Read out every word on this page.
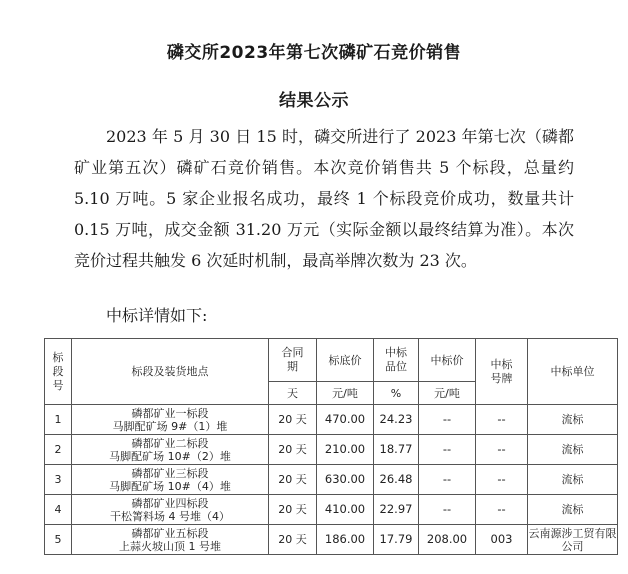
磷交所2023年第七次磷矿石竞价销售
结果公示
2023 年 5 月 30 日 15 时，磷交所进行了 2023 年第七次（磷都矿业第五次）磷矿石竞价销售。本次竞价销售共 5 个标段，总量约 5.10 万吨。5 家企业报名成功，最终 1 个标段竞价成功，数量共计 0.15 万吨，成交金额 31.20 万元（实际金额以最终结算为准）。本次竞价过程共触发 6 次延时机制，最高举牌次数为 23 次。
中标详情如下:
标段号	标段及装货地点	合同期	标底价	中标品位	中标价	中标号牌	中标单位
		天	元/吨	%	元/吨		
1	磷都矿业一标段
马脚配矿场 9#（1）堆	20 天	470.00	24.23	--	--	流标
2	磷都矿业二标段
马脚配矿场 10#（2）堆	20 天	210.00	18.77	--	--	流标
3	磷都矿业三标段
马脚配矿场 10#（4）堆	20 天	630.00	26.48	--	--	流标
4	磷都矿业四标段
干松箐料场 4 号堆（4）	20 天	410.00	22.97	--	--	流标
5	磷都矿业五标段
上蒜火坡山顶 1 号堆	20 天	186.00	17.79	208.00	003	云南源涉工贸有限公司
